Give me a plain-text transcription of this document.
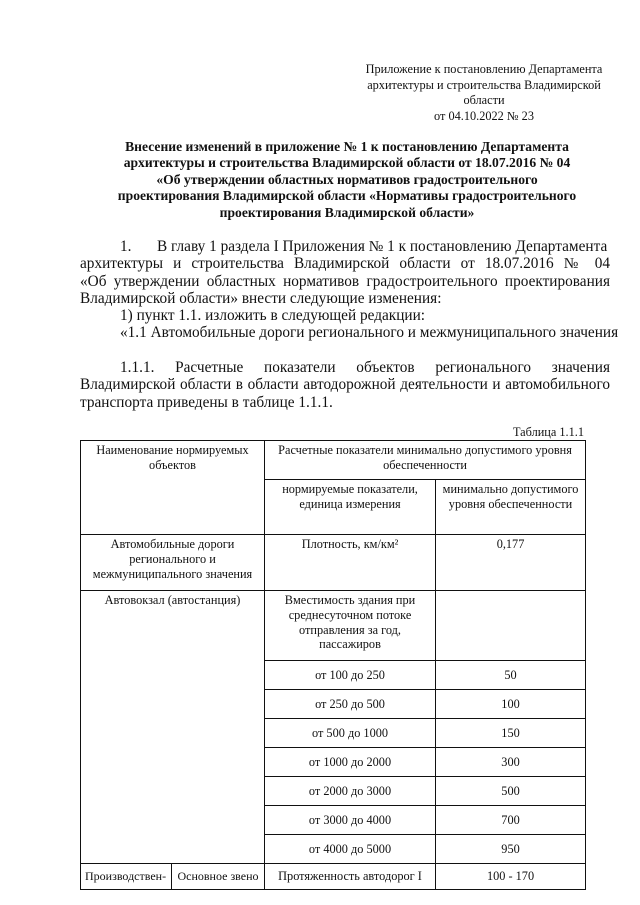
Приложение к постановлению Департамента
архитектуры и строительства Владимирской
области
от 04.10.2022 № 23
Внесение изменений в приложение № 1 к постановлению Департамента
архитектуры и строительства Владимирской области от 18.07.2016 № 04
«Об утверждении областных нормативов градостроительного
проектирования Владимирской области «Нормативы градостроительного
проектирования Владимирской области»
1. В главу 1 раздела I Приложения № 1 к постановлению Департамента
архитектуры и строительства Владимирской области от 18.07.2016 № 04
«Об утверждении областных нормативов градостроительного проектирования
Владимирской области» внести следующие изменения:
1) пункт 1.1. изложить в следующей редакции:
«1.1 Автомобильные дороги регионального и межмуниципального значения
1.1.1. Расчетные показатели объектов регионального значения
Владимирской области в области автодорожной деятельности и автомобильного
транспорта приведены в таблице 1.1.1.
Таблица 1.1.1
Наименование нормируемых объектов		Расчетные показатели минимально допустимого уровня обеспеченности	
		нормируемые показатели, единица измерения	минимально допустимого уровня обеспеченности
Автомобильные дороги регионального и межмуниципального значения		Плотность, км/км²	0,177
Автовокзал (автостанция)		Вместимость здания при среднесуточном потоке отправления за год, пассажиров	
		от 100 до 250	50
		от 250 до 500	100
		от 500 до 1000	150
		от 1000 до 2000	300
		от 2000 до 3000	500
		от 3000 до 4000	700
		от 4000 до 5000	950
Производствен-	Основное звено	Протяженность автодорог I	100 - 170
